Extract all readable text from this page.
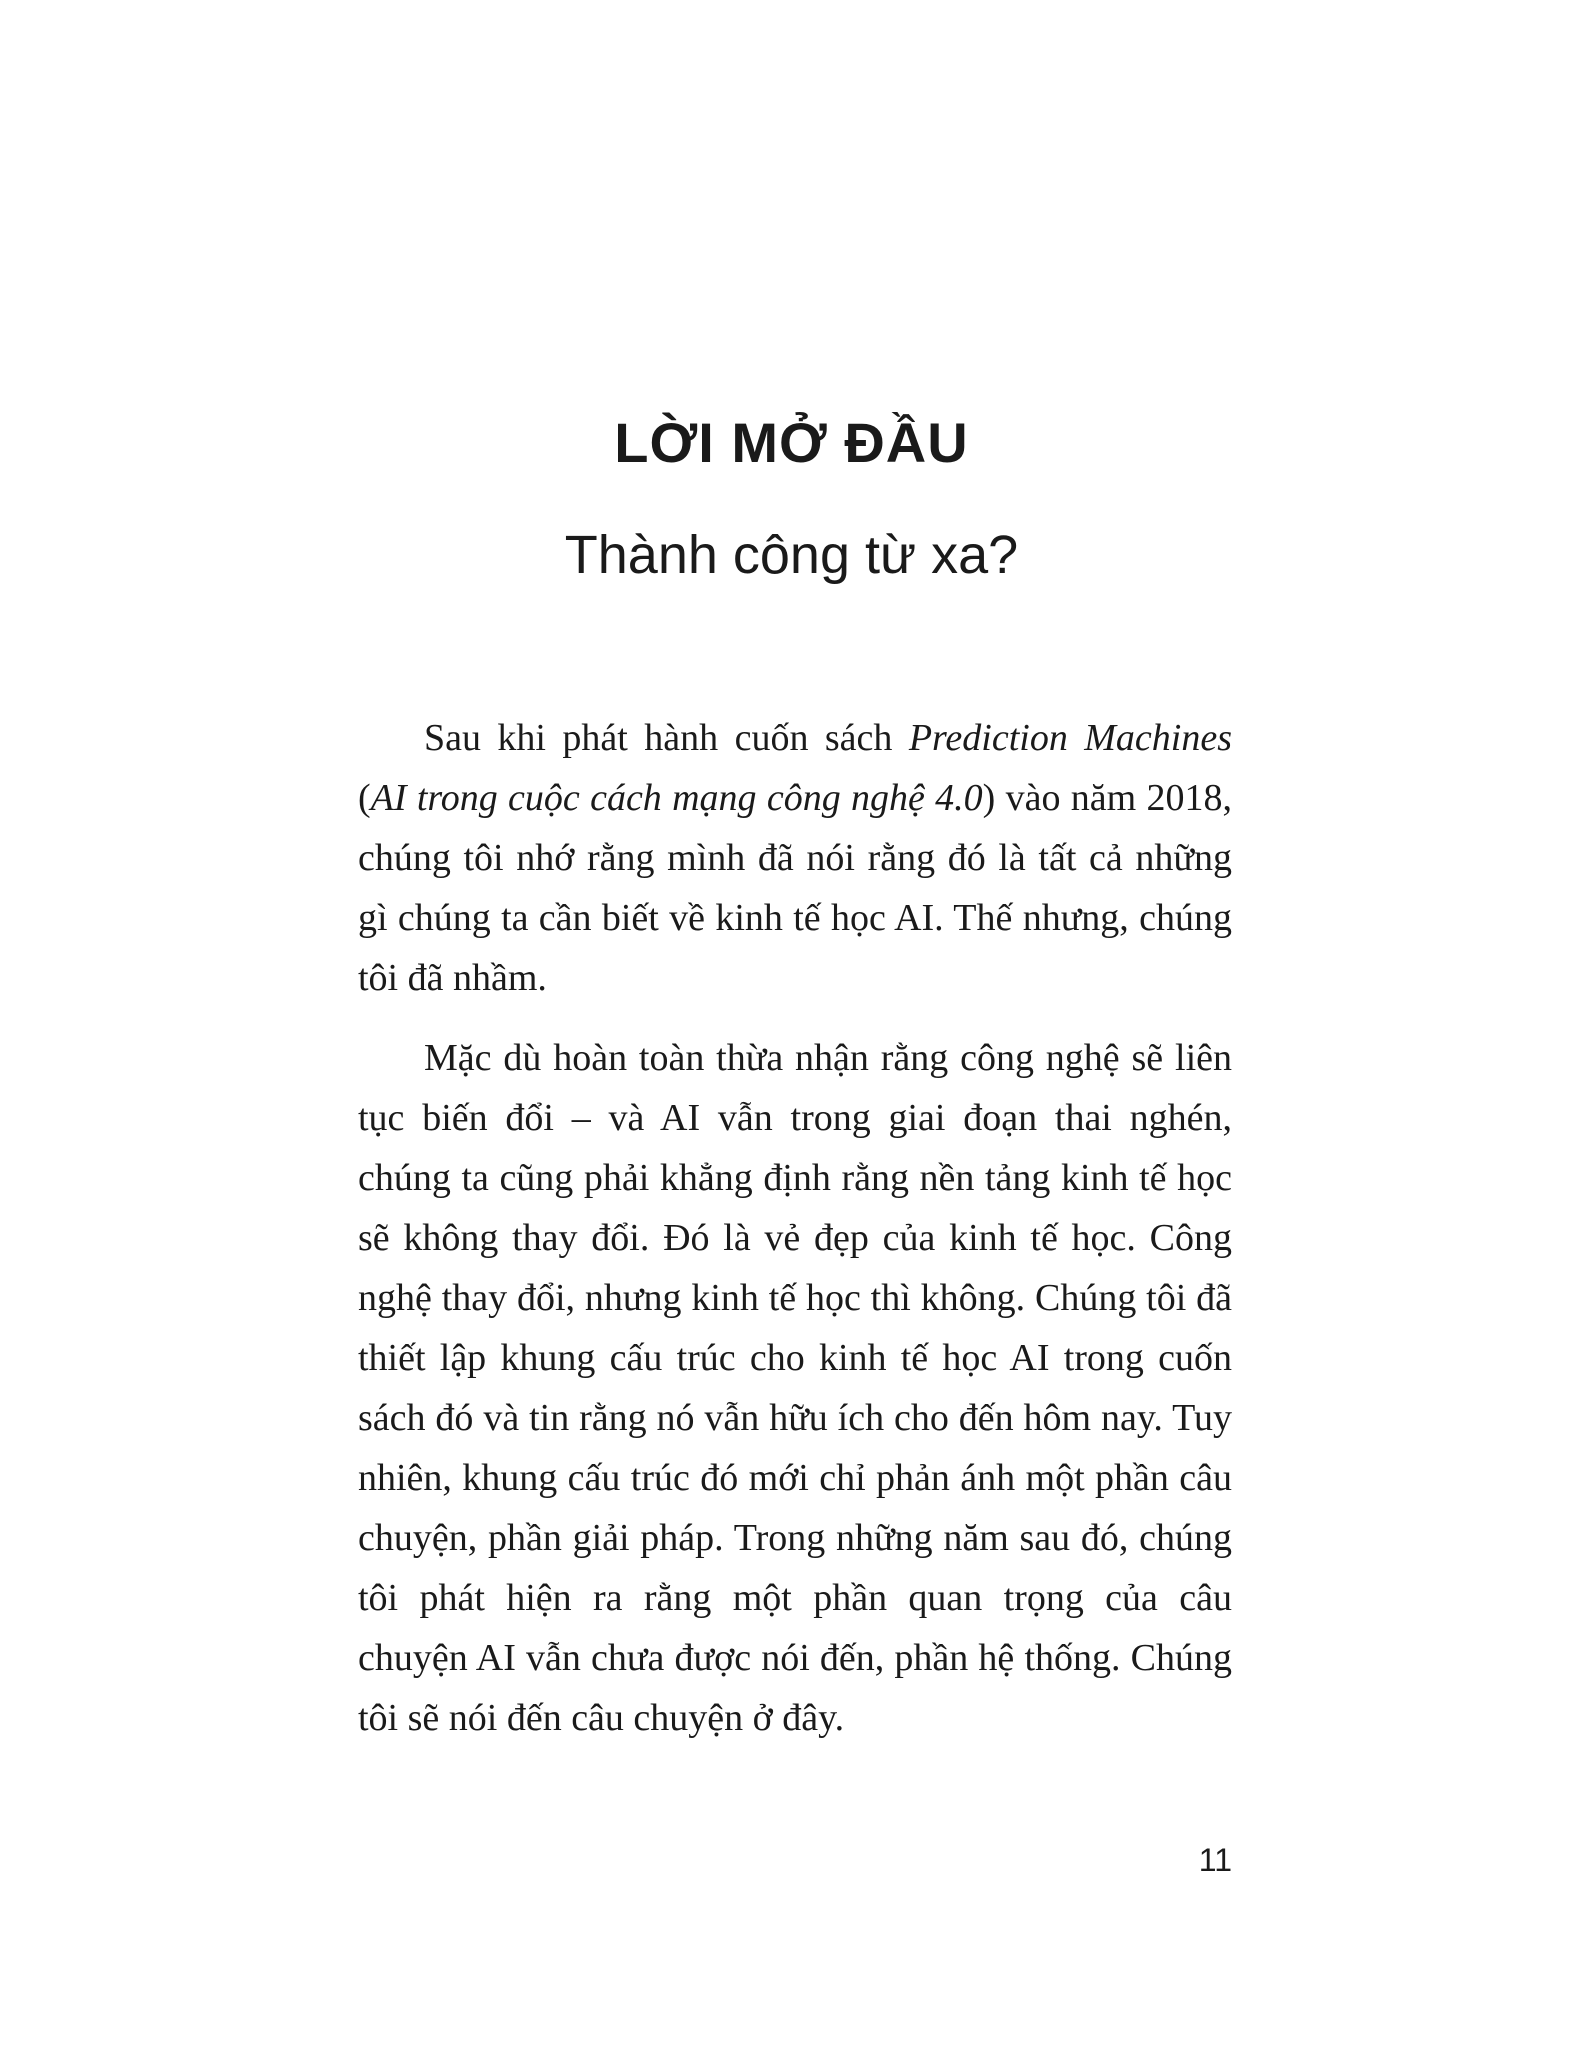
LỜI MỞ ĐẦU
Thành công từ xa?

Sau khi phát hành cuốn sách Prediction Machines (AI trong cuộc cách mạng công nghệ 4.0) vào năm 2018, chúng tôi nhớ rằng mình đã nói rằng đó là tất cả những gì chúng ta cần biết về kinh tế học AI. Thế nhưng, chúng tôi đã nhầm.

Mặc dù hoàn toàn thừa nhận rằng công nghệ sẽ liên tục biến đổi – và AI vẫn trong giai đoạn thai nghén, chúng ta cũng phải khẳng định rằng nền tảng kinh tế học sẽ không thay đổi. Đó là vẻ đẹp của kinh tế học. Công nghệ thay đổi, nhưng kinh tế học thì không. Chúng tôi đã thiết lập khung cấu trúc cho kinh tế học AI trong cuốn sách đó và tin rằng nó vẫn hữu ích cho đến hôm nay. Tuy nhiên, khung cấu trúc đó mới chỉ phản ánh một phần câu chuyện, phần giải pháp. Trong những năm sau đó, chúng tôi phát hiện ra rằng một phần quan trọng của câu chuyện AI vẫn chưa được nói đến, phần hệ thống. Chúng tôi sẽ nói đến câu chuyện ở đây.

11
